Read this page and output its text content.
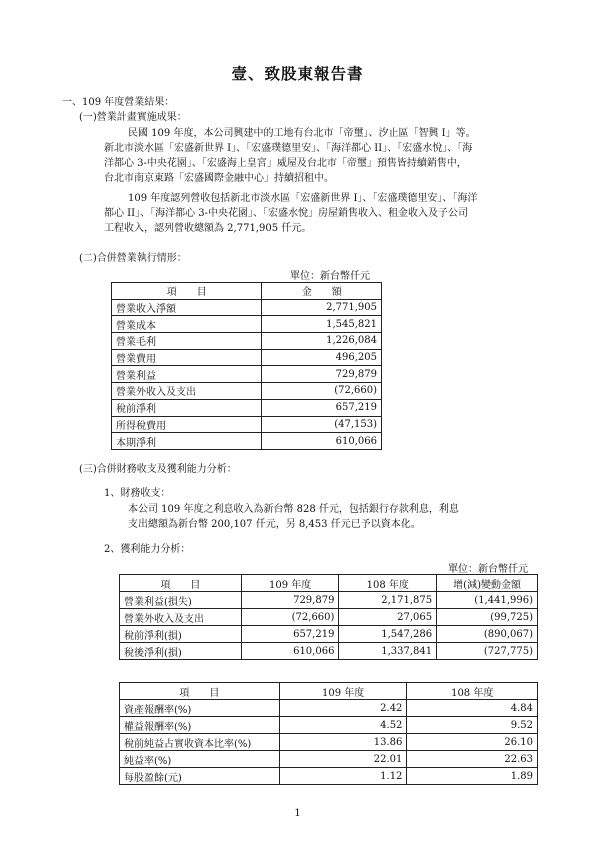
壹、致股東報告書
一、109 年度營業結果：
(一)營業計畫實施成果：
民國 109 年度，本公司興建中的工地有台北市「帝璽」、汐止區「智興 I」等。
新北市淡水區「宏盛新世界 I」、「宏盛璞德里安」、「海洋都心 II」、「宏盛水悅」、「海
洋都心 3-中央花園」、「宏盛海上皇宮」威屋及台北市「帝璽」預售皆持續銷售中，
台北市南京東路「宏盛國際金融中心」持續招租中。
109 年度認列營收包括新北市淡水區「宏盛新世界 I」、「宏盛璞德里安」、「海洋
都心 II」、「海洋都心 3-中央花園」、「宏盛水悅」房屋銷售收入、租金收入及子公司
工程收入，認列營收總額為 2,771,905 仟元。
(二)合併營業執行情形：
單位：新台幣仟元
項　　目	金　　額
營業收入淨額	2,771,905
營業成本	1,545,821
營業毛利	1,226,084
營業費用	496,205
營業利益	729,879
營業外收入及支出	(72,660)
稅前淨利	657,219
所得稅費用	(47,153)
本期淨利	610,066
(三)合併財務收支及獲利能力分析：
1、財務收支：
本公司 109 年度之利息收入為新台幣 828 仟元，包括銀行存款利息，利息
支出總額為新台幣 200,107 仟元，另 8,453 仟元已予以資本化。
2、獲利能力分析：
單位：新台幣仟元
項　　目	109 年度	108 年度	增(減)變動金額
營業利益(損失)	729,879	2,171,875	(1,441,996)
營業外收入及支出	(72,660)	27,065	(99,725)
稅前淨利(損)	657,219	1,547,286	(890,067)
稅後淨利(損)	610,066	1,337,841	(727,775)
項　　目	109 年度	108 年度
資產報酬率(%)	2.42	4.84
權益報酬率(%)	4.52	9.52
稅前純益占實收資本比率(%)	13.86	26.10
純益率(%)	22.01	22.63
每股盈餘(元)	1.12	1.89
1
